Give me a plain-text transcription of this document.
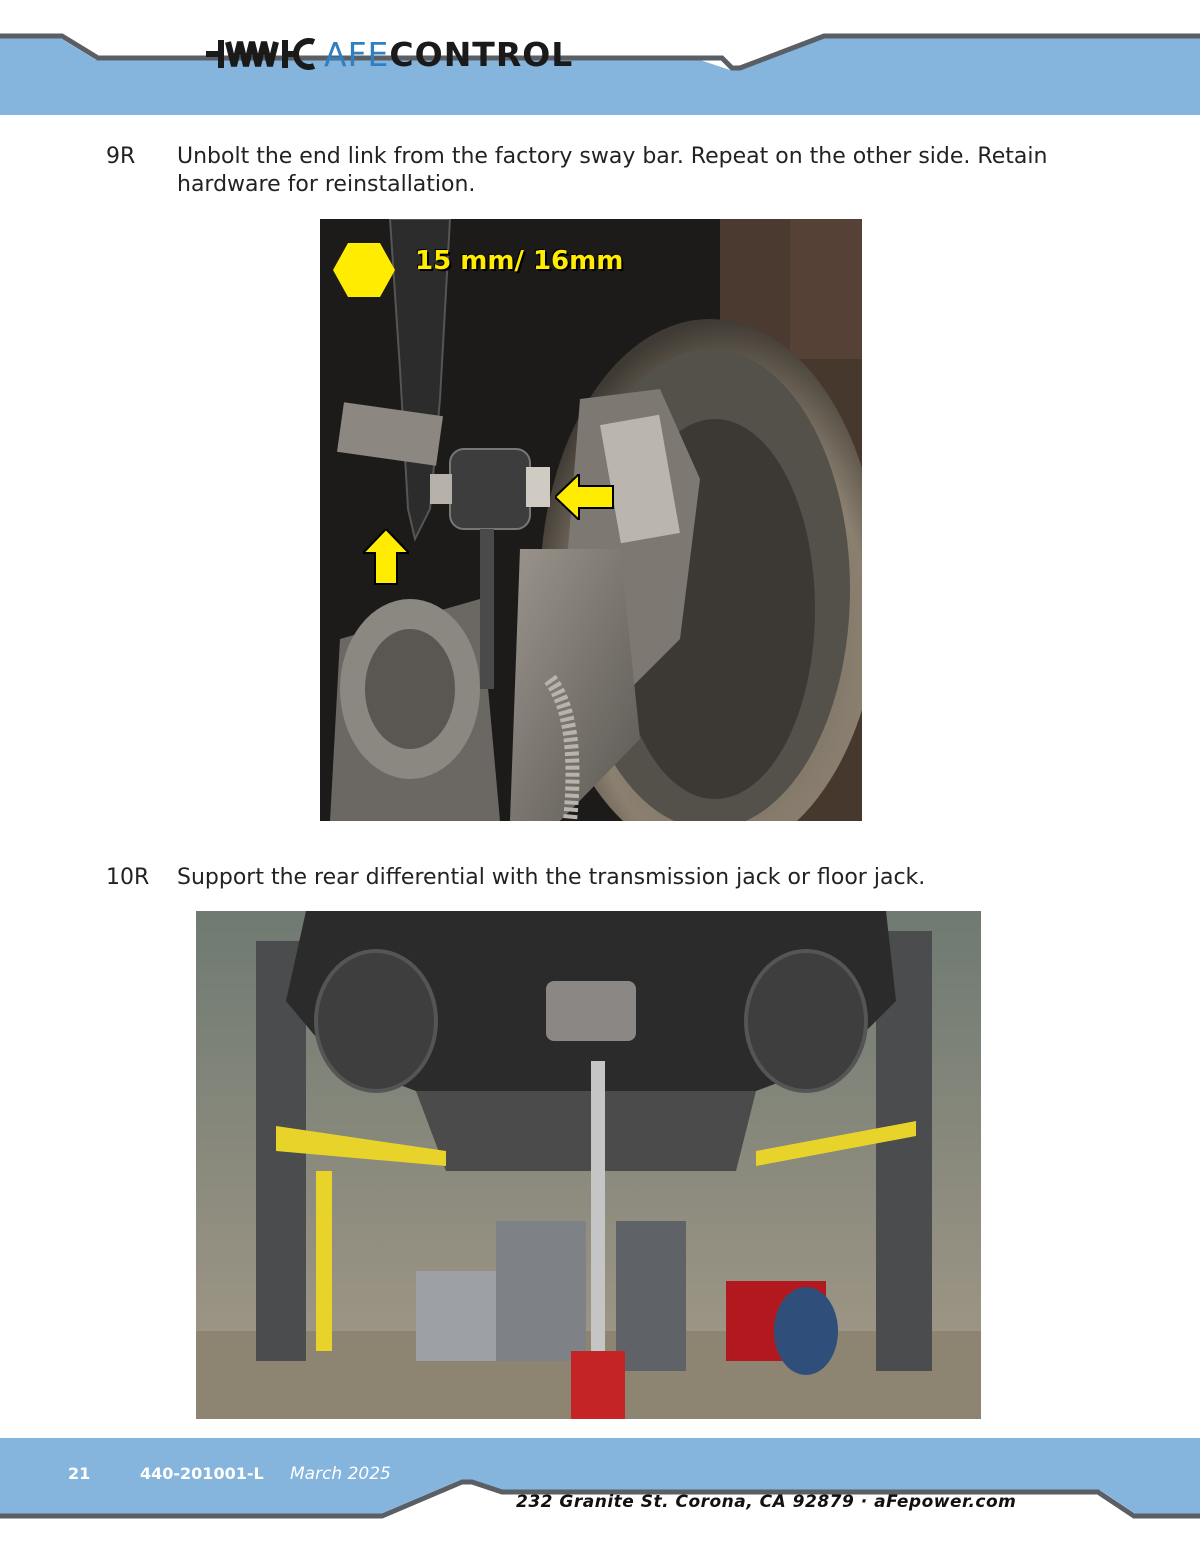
AFECONTROL
9R Unbolt the end link from the factory sway bar. Repeat on the other side. Retain hardware for reinstallation.
15 mm/ 16mm
10R Support the rear differential with the transmission jack or floor jack.
21	440-201001-L March 2025
232 Granite St. Corona, CA 92879 · aFepower.com
